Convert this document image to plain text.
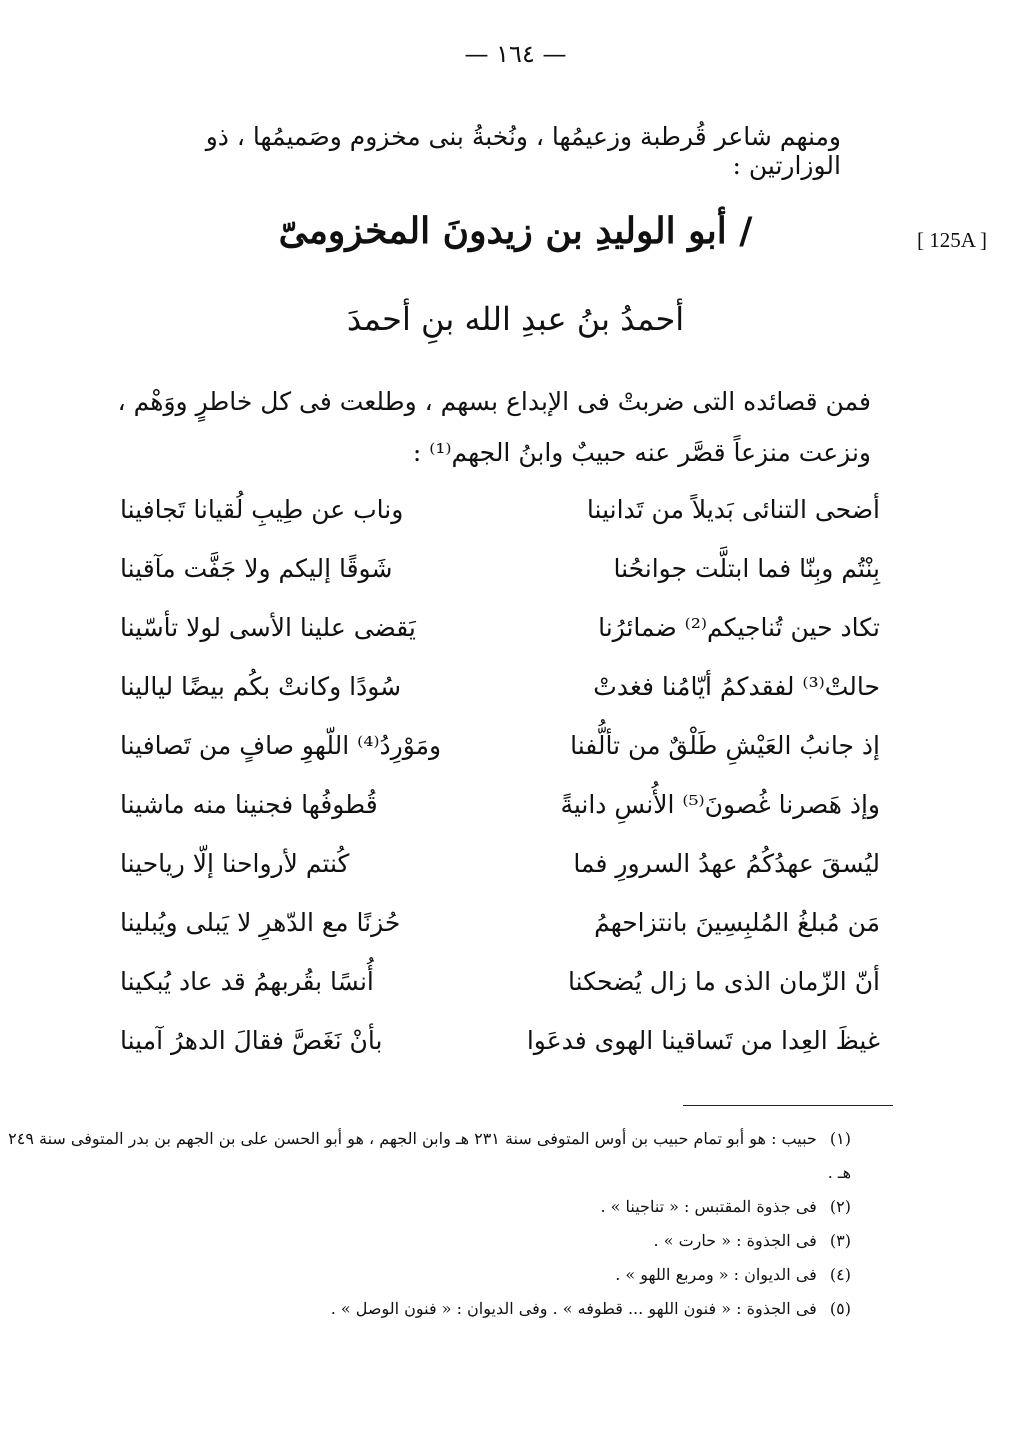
— ١٦٤ —
ومنهم شاعر قُرطبة وزعيمُها ، ونُخبةُ بنى مخزوم وصَميمُها ، ذو الوزارتين :
[ 125A ]
/ أبو الوليدِ بن زيدونَ المخزومىّ
أحمدُ بنُ عبدِ الله بنِ أحمدَ
فمن قصائده التى ضربتْ فى الإبداع بسهم ، وطلعت فى كل خاطرٍ ووَهْم ،
ونزعت منزعاً قصَّر عنه حبيبٌ وابنُ الجهم⁽¹⁾ :
أضحى التنائى بَديلاً من تَدانينا
وناب عن طِيبِ لُقيانا تَجافينا
بِنْتُم وبِنّا فما ابتلَّت جوانحُنا
شَوقًا إليكم ولا جَفَّت مآقينا
تكاد حين تُناجيكم⁽²⁾ ضمائرُنا
يَقضى علينا الأسى لولا تأسّينا
حالتْ⁽³⁾ لفقدكمُ أيّامُنا فغدتْ
سُودًا وكانتْ بكُم بيضًا ليالينا
إذ جانبُ العَيْشِ طَلْقٌ من تألُّفنا
ومَوْرِدُ⁽⁴⁾ اللّهوِ صافٍ من تَصافينا
وإذ هَصرنا غُصونَ⁽⁵⁾ الأُنسِ دانيةً
قُطوفُها فجنينا منه ماشينا
ليُسقَ عهدُكُمُ عهدُ السرورِ فما
كُنتم لأرواحنا إلّا رياحينا
مَن مُبلغُ المُلبِسِينَ بانتزاحهمُ
حُزنًا مع الدّهرِ لا يَبلى ويُبلينا
أنّ الزّمان الذى ما زال يُضحكنا
أُنسًا بقُربهمُ قد عاد يُبكينا
غيظَ العِدا من تَساقينا الهوى فدعَوا
بأنْ نَغَصَّ فقالَ الدهرُ آمينا
(١) حبيب : هو أبو تمام حبيب بن أوس المتوفى سنة ٢٣١ هـ وابن الجهم ، هو أبو الحسن على بن الجهم بن بدر المتوفى سنة ٢٤٩ هـ .
(٢) فى جذوة المقتبس : « تناجينا » .
(٣) فى الجذوة : « حارت » .
(٤) فى الديوان : « ومربع اللهو » .
(٥) فى الجذوة : « فنون اللهو ... قطوفه » . وفى الديوان : « فنون الوصل » .
